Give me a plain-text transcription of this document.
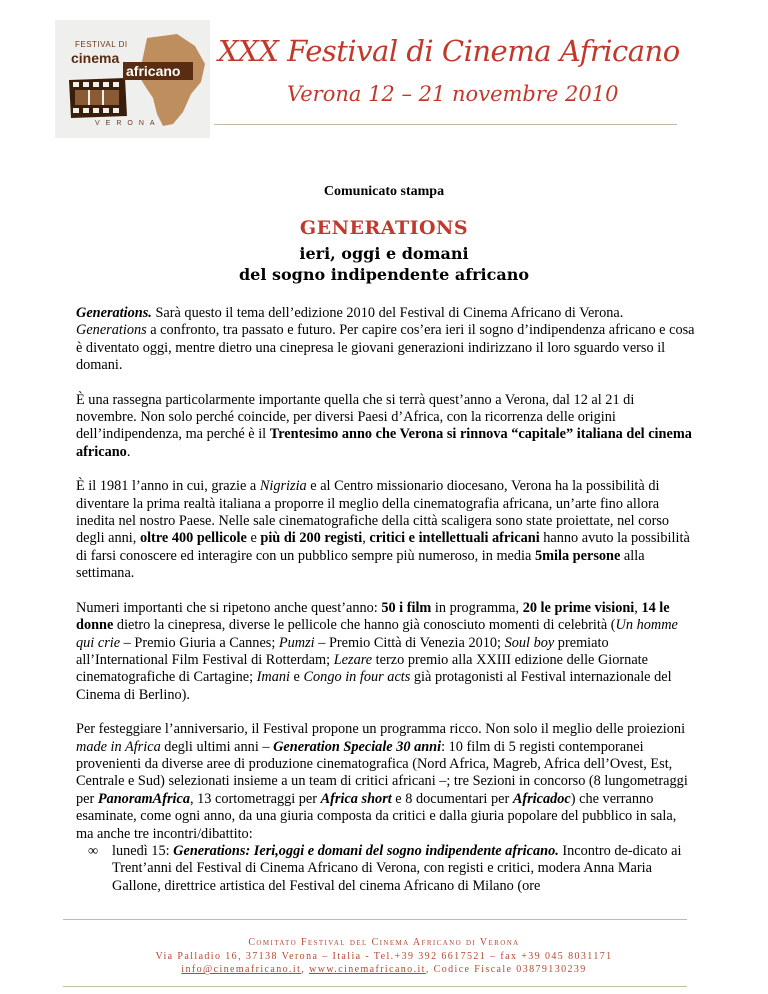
FESTIVAL DI
cinema
africano
VERONA
XXX Festival di Cinema Africano
Verona 12 – 21 novembre 2010
Comunicato stampa
GENERATIONS
ieri, oggi e domani
del sogno indipendente africano

Generations. Sarà questo il tema dell’edizione 2010 del Festival di Cinema Africano di Verona. Generations a confronto, tra passato e futuro. Per capire cos’era ieri il sogno d’indipendenza africano e cosa è diventato oggi, mentre dietro una cinepresa le giovani generazioni indirizzano il loro sguardo verso il domani.

È una rassegna particolarmente importante quella che si terrà quest’anno a Verona, dal 12 al 21 di novembre. Non solo perché coincide, per diversi Paesi d’Africa, con la ricorrenza delle origini dell’indipendenza, ma perché è il Trentesimo anno che Verona si rinnova “capitale” italiana del cinema africano.

È il 1981 l’anno in cui, grazie a Nigrizia e al Centro missionario diocesano, Verona ha la possibilità di diventare la prima realtà italiana a proporre il meglio della cinematografia africana, un’arte fino allora inedita nel nostro Paese. Nelle sale cinematografiche della città scaligera sono state proiettate, nel corso degli anni, oltre 400 pellicole e più di 200 registi, critici e intellettuali africani hanno avuto la possibilità di farsi conoscere ed interagire con un pubblico sempre più numeroso, in media 5mila persone alla settimana.

Numeri importanti che si ripetono anche quest’anno: 50 i film in programma, 20 le prime visioni, 14 le donne dietro la cinepresa, diverse le pellicole che hanno già conosciuto momenti di celebrità (Un homme qui crie – Premio Giuria a Cannes; Pumzi – Premio Città di Venezia 2010; Soul boy premiato all’International Film Festival di Rotterdam; Lezare terzo premio alla XXIII edizione delle Giornate cinematografiche di Cartagine; Imani e Congo in four acts già protagonisti al Festival internazionale del Cinema di Berlino).

Per festeggiare l’anniversario, il Festival propone un programma ricco. Non solo il meglio delle proiezioni made in Africa degli ultimi anni – Generation Speciale 30 anni: 10 film di 5 registi contemporanei provenienti da diverse aree di produzione cinematografica (Nord Africa, Magreb, Africa dell’Ovest, Est, Centrale e Sud) selezionati insieme a un team di critici africani –; tre Sezioni in concorso (8 lungometraggi per PanoramAfrica, 13 cortometraggi per Africa short e 8 documentari per Africadoc) che verranno esaminate, come ogni anno, da una giuria composta da critici e dalla giuria popolare del pubblico in sala, ma anche tre incontri/dibattito:

∞ lunedì 15: Generations: Ieri,oggi e domani del sogno indipendente africano. Incontro de-dicato ai Trent’anni del Festival di Cinema Africano di Verona, con registi e critici, modera Anna Maria Gallone, direttrice artistica del Festival del cinema Africano di Milano (ore
Comitato Festival del Cinema Africano di Verona
Via Palladio 16, 37138 Verona – Italia - Tel.+39 392 6617521 – fax +39 045 8031171
info@cinemafricano.it, www.cinemafricano.it, Codice Fiscale 03879130239
